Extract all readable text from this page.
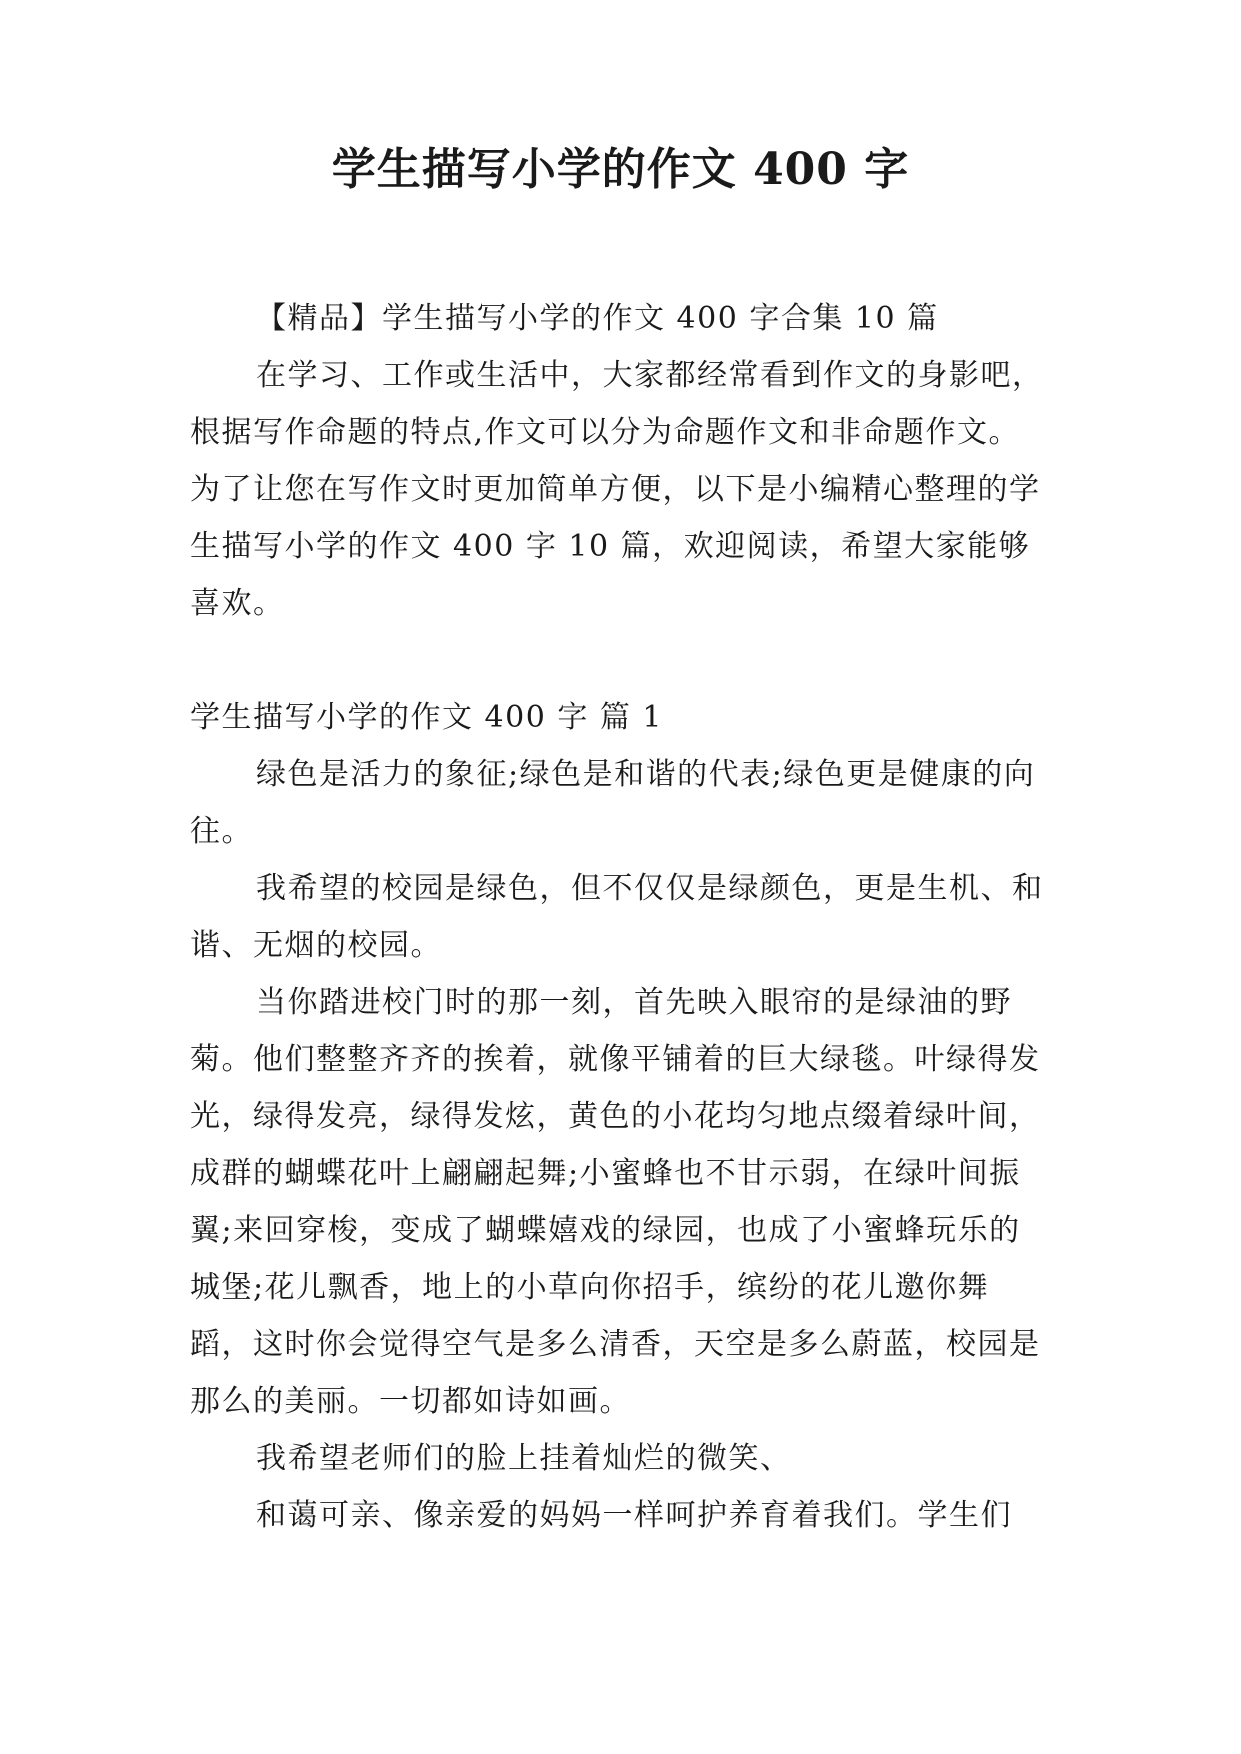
学生描写小学的作文 400 字

【精品】学生描写小学的作文 400 字合集 10 篇

在学习、工作或生活中，大家都经常看到作文的身影吧，根据写作命题的特点,作文可以分为命题作文和非命题作文。为了让您在写作文时更加简单方便，以下是小编精心整理的学生描写小学的作文 400 字 10 篇，欢迎阅读，希望大家能够喜欢。

学生描写小学的作文 400 字 篇 1

绿色是活力的象征;绿色是和谐的代表;绿色更是健康的向往。

我希望的校园是绿色，但不仅仅是绿颜色，更是生机、和谐、无烟的校园。

当你踏进校门时的那一刻，首先映入眼帘的是绿油的野菊。他们整整齐齐的挨着，就像平铺着的巨大绿毯。叶绿得发光，绿得发亮，绿得发炫，黄色的小花均匀地点缀着绿叶间，成群的蝴蝶花叶上翩翩起舞;小蜜蜂也不甘示弱，在绿叶间振翼;来回穿梭，变成了蝴蝶嬉戏的绿园，也成了小蜜蜂玩乐的城堡;花儿飘香，地上的小草向你招手，缤纷的花儿邀你舞蹈，这时你会觉得空气是多么清香，天空是多么蔚蓝，校园是那么的美丽。一切都如诗如画。

我希望老师们的脸上挂着灿烂的微笑、

和蔼可亲、像亲爱的妈妈一样呵护养育着我们。学生们
